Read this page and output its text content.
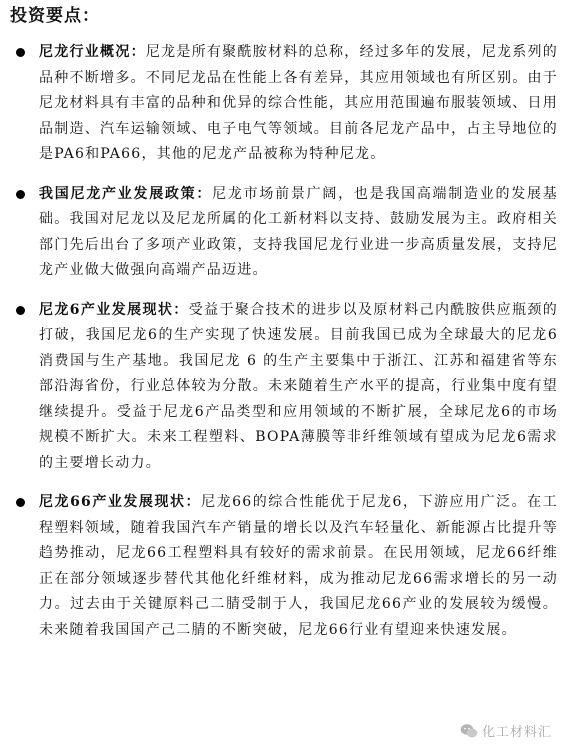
投资要点：
尼龙行业概况：尼龙是所有聚酰胺材料的总称，经过多年的发展，尼龙系列的品种不断增多。不同尼龙品在性能上各有差异，其应用领域也有所区别。由于尼龙材料具有丰富的品种和优异的综合性能，其应用范围遍布服装领域、日用品制造、汽车运输领域、电子电气等领域。目前各尼龙产品中，占主导地位的是PA6和PA66，其他的尼龙产品被称为特种尼龙。
我国尼龙产业发展政策：尼龙市场前景广阔，也是我国高端制造业的发展基础。我国对尼龙以及尼龙所属的化工新材料以支持、鼓励发展为主。政府相关部门先后出台了多项产业政策，支持我国尼龙行业进一步高质量发展，支持尼龙产业做大做强向高端产品迈进。
尼龙6产业发展现状：受益于聚合技术的进步以及原材料己内酰胺供应瓶颈的打破，我国尼龙6的生产实现了快速发展。目前我国已成为全球最大的尼龙6消费国与生产基地。我国尼龙 6 的生产主要集中于浙江、江苏和福建省等东部沿海省份，行业总体较为分散。未来随着生产水平的提高，行业集中度有望继续提升。受益于尼龙6产品类型和应用领域的不断扩展，全球尼龙6的市场规模不断扩大。未来工程塑料、BOPA薄膜等非纤维领域有望成为尼龙6需求的主要增长动力。
尼龙66产业发展现状：尼龙66的综合性能优于尼龙6，下游应用广泛。在工程塑料领域，随着我国汽车产销量的增长以及汽车轻量化、新能源占比提升等趋势推动，尼龙66工程塑料具有较好的需求前景。在民用领域，尼龙66纤维正在部分领域逐步替代其他化纤维材料，成为推动尼龙66需求增长的另一动力。过去由于关键原料己二腈受制于人，我国尼龙66产业的发展较为缓慢。未来随着我国国产己二腈的不断突破，尼龙66行业有望迎来快速发展。
化工材料汇
